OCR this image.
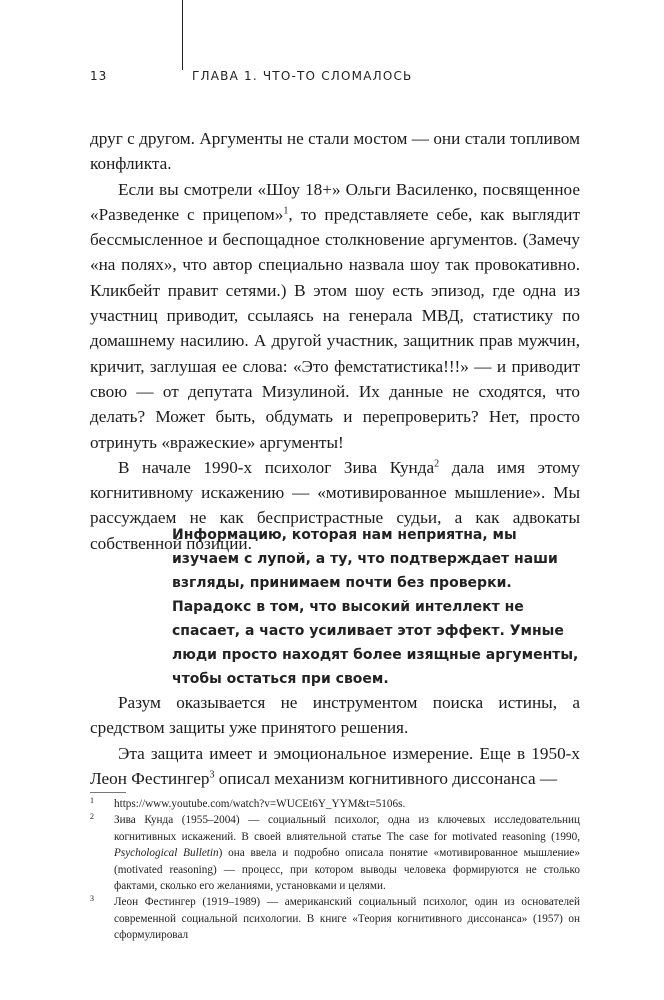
13	ГЛАВА 1. ЧТО-ТО СЛОМАЛОСЬ

друг с другом. Аргументы не стали мостом — они стали топливом конфликта.

Если вы смотрели «Шоу 18+» Ольги Василенко, посвященное «Разведенке с прицепом»$^1$, то представляете себе, как выглядит бессмысленное и беспощадное столкновение аргументов. (Замечу «на полях», что автор специально назвала шоу так провокативно. Кликбейт правит сетями.) В этом шоу есть эпизод, где одна из участниц приводит, ссылаясь на генерала МВД, статистику по домашнему насилию. А другой участник, защитник прав мужчин, кричит, заглушая ее слова: «Это фемстатистика!!!» — и приводит свою — от депутата Мизулиной. Их данные не сходятся, что делать? Может быть, обдумать и перепроверить? Нет, просто отринуть «вражеские» аргументы!

В начале 1990-х психолог Зива Кунда$^2$ дала имя этому когнитивному искажению — «мотивированное мышление». Мы рассуждаем не как беспристрастные судьи, а как адвокаты собственной позиции.

Информацию, которая нам неприятна, мы изучаем с лупой, а ту, что подтверждает наши взгляды, принимаем почти без проверки. Парадокс в том, что высокий интеллект не спасает, а часто усиливает этот эффект. Умные люди просто находят более изящные аргументы, чтобы остаться при своем.

Разум оказывается не инструментом поиска истины, а средством защиты уже принятого решения.

Эта защита имеет и эмоциональное измерение. Еще в 1950-х Леон Фестингер$^3$ описал механизм когнитивного диссонанса —

1 https://www.youtube.com/watch?v=WUCEt6Y_YYM&t=5106s.

2 Зива Кунда (1955–2004) — социальный психолог, одна из ключевых исследовательниц когнитивных искажений. В своей влиятельной статье The case for motivated reasoning (1990, Psychological Bulletin) она ввела и подробно описала понятие «мотивированное мышление» (motivated reasoning) — процесс, при котором выводы человека формируются не столько фактами, сколько его желаниями, установками и целями.

3 Леон Фестингер (1919–1989) — американский социальный психолог, один из основателей современной социальной психологии. В книге «Теория когнитивного диссонанса» (1957) он сформулировал
